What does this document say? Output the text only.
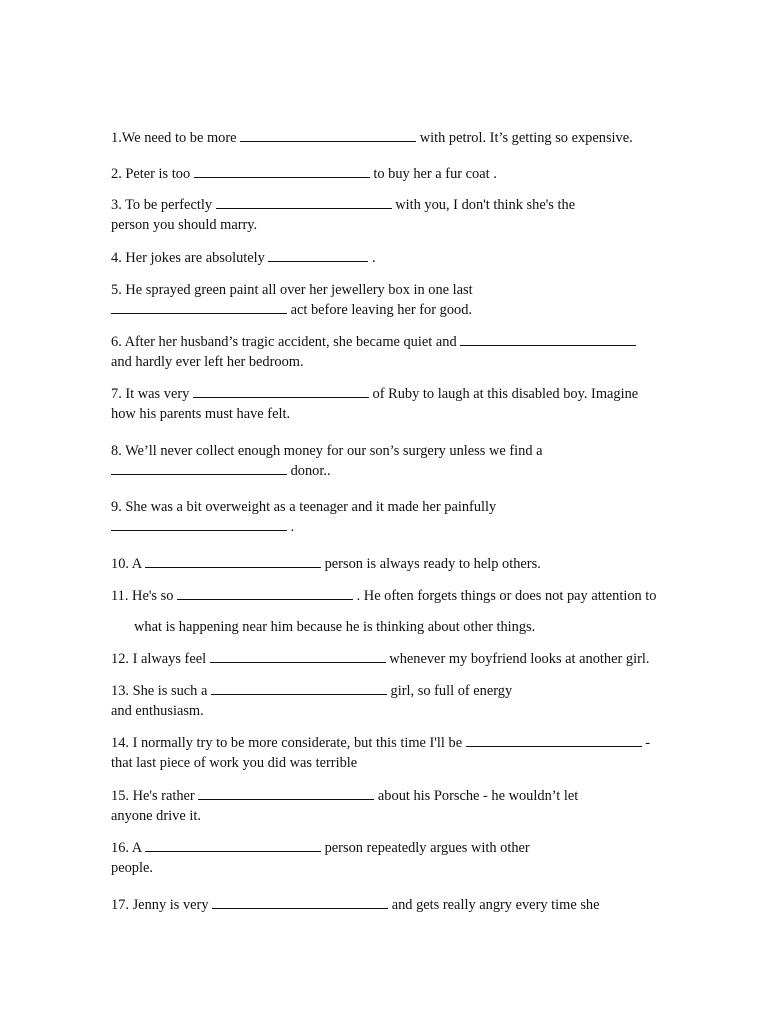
1.We need to be more	with petrol. It’s getting so expensive.
2. Peter is too	to buy her a fur coat .
3. To be perfectly	with you, I don't think she's the
person you should marry.
4. Her jokes are absolutely	.
5. He sprayed green paint all over her jewellery box in one last
act before leaving her for good.
6. After her husband’s tragic accident, she became quiet and
and hardly ever left her bedroom.
7. It was very	of Ruby to laugh at this disabled boy. Imagine
how his parents must have felt.
8. We’ll never collect enough money for our son’s surgery unless we find a
donor..
9. She was a bit overweight as a teenager and it made her painfully
.
10. A	person is always ready to help others.
11. He's so	. He often forgets things or does not pay attention to
what is happening near him because he is thinking about other things.
12. I always feel	whenever my boyfriend looks at another girl.
13. She is such a	girl, so full of energy
and enthusiasm.
14. I normally try to be more considerate, but this time I'll be	-
that last piece of work you did was terrible
15. He's rather	about his Porsche - he wouldn’t let
anyone drive it.
16. A	person repeatedly argues with other
people.
17. Jenny is very	and gets really angry every time she
